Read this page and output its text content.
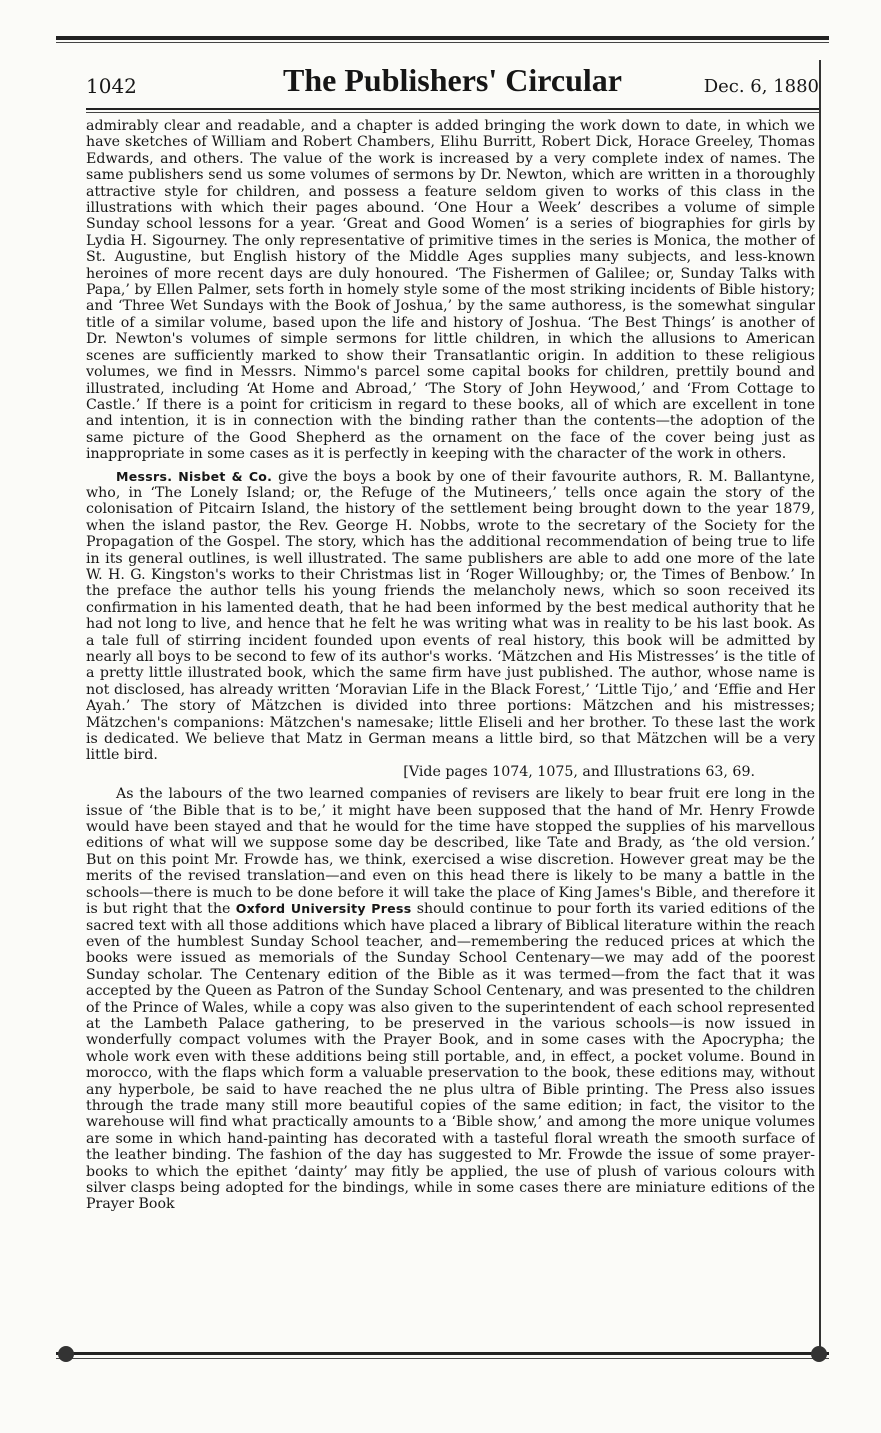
1042	The Publishers' Circular	Dec. 6, 1880

admirably clear and readable, and a chapter is added bringing the work down to date, in which we have sketches of William and Robert Chambers, Elihu Burritt, Robert Dick, Horace Greeley, Thomas Edwards, and others. The value of the work is increased by a very complete index of names. The same publishers send us some volumes of sermons by Dr. Newton, which are written in a thoroughly attractive style for children, and possess a feature seldom given to works of this class in the illustrations with which their pages abound. ‘One Hour a Week’ describes a volume of simple Sunday school lessons for a year. ‘Great and Good Women’ is a series of biographies for girls by Lydia H. Sigourney. The only representative of primitive times in the series is Monica, the mother of St. Augustine, but English history of the Middle Ages supplies many subjects, and less-known heroines of more recent days are duly honoured. ‘The Fishermen of Galilee; or, Sunday Talks with Papa,’ by Ellen Palmer, sets forth in homely style some of the most striking incidents of Bible history; and ‘Three Wet Sundays with the Book of Joshua,’ by the same authoress, is the somewhat singular title of a similar volume, based upon the life and history of Joshua. ‘The Best Things’ is another of Dr. Newton's volumes of simple sermons for little children, in which the allusions to American scenes are sufficiently marked to show their Transatlantic origin. In addition to these religious volumes, we find in Messrs. Nimmo's parcel some capital books for children, prettily bound and illustrated, including ‘At Home and Abroad,’ ‘The Story of John Heywood,’ and ‘From Cottage to Castle.’ If there is a point for criticism in regard to these books, all of which are excellent in tone and intention, it is in connection with the binding rather than the contents—the adoption of the same picture of the Good Shepherd as the ornament on the face of the cover being just as inappropriate in some cases as it is perfectly in keeping with the character of the work in others.

Messrs. Nisbet & Co. give the boys a book by one of their favourite authors, R. M. Ballantyne, who, in ‘The Lonely Island; or, the Refuge of the Mutineers,’ tells once again the story of the colonisation of Pitcairn Island, the history of the settlement being brought down to the year 1879, when the island pastor, the Rev. George H. Nobbs, wrote to the secretary of the Society for the Propagation of the Gospel. The story, which has the additional recommendation of being true to life in its general outlines, is well illustrated. The same publishers are able to add one more of the late W. H. G. Kingston's works to their Christmas list in ‘Roger Willoughby; or, the Times of Benbow.’ In the preface the author tells his young friends the melancholy news, which so soon received its confirmation in his lamented death, that he had been informed by the best medical authority that he had not long to live, and hence that he felt he was writing what was in reality to be his last book. As a tale full of stirring incident founded upon events of real history, this book will be admitted by nearly all boys to be second to few of its author's works. ‘Mätzchen and His Mistresses’ is the title of a pretty little illustrated book, which the same firm have just published. The author, whose name is not disclosed, has already written ‘Moravian Life in the Black Forest,’ ‘Little Tijo,’ and ‘Effie and Her Ayah.’ The story of Mätzchen is divided into three portions: Mätzchen and his mistresses; Mätzchen's companions: Mätzchen's namesake; little Eliseli and her brother. To these last the work is dedicated. We believe that Matz in German means a little bird, so that Mätzchen will be a very little bird.

[Vide pages 1074, 1075, and Illustrations 63, 69.

As the labours of the two learned companies of revisers are likely to bear fruit ere long in the issue of ‘the Bible that is to be,’ it might have been supposed that the hand of Mr. Henry Frowde would have been stayed and that he would for the time have stopped the supplies of his marvellous editions of what will we suppose some day be described, like Tate and Brady, as ‘the old version.’ But on this point Mr. Frowde has, we think, exercised a wise discretion. However great may be the merits of the revised translation—and even on this head there is likely to be many a battle in the schools—there is much to be done before it will take the place of King James's Bible, and therefore it is but right that the Oxford University Press should continue to pour forth its varied editions of the sacred text with all those additions which have placed a library of Biblical literature within the reach even of the humblest Sunday School teacher, and—remembering the reduced prices at which the books were issued as memorials of the Sunday School Centenary—we may add of the poorest Sunday scholar. The Centenary edition of the Bible as it was termed—from the fact that it was accepted by the Queen as Patron of the Sunday School Centenary, and was presented to the children of the Prince of Wales, while a copy was also given to the superintendent of each school represented at the Lambeth Palace gathering, to be preserved in the various schools—is now issued in wonderfully compact volumes with the Prayer Book, and in some cases with the Apocrypha; the whole work even with these additions being still portable, and, in effect, a pocket volume. Bound in morocco, with the flaps which form a valuable preservation to the book, these editions may, without any hyperbole, be said to have reached the ne plus ultra of Bible printing. The Press also issues through the trade many still more beautiful copies of the same edition; in fact, the visitor to the warehouse will find what practically amounts to a ‘Bible show,’ and among the more unique volumes are some in which hand-painting has decorated with a tasteful floral wreath the smooth surface of the leather binding. The fashion of the day has suggested to Mr. Frowde the issue of some prayer-books to which the epithet ‘dainty’ may fitly be applied, the use of plush of various colours with silver clasps being adopted for the bindings, while in some cases there are miniature editions of the Prayer Book
